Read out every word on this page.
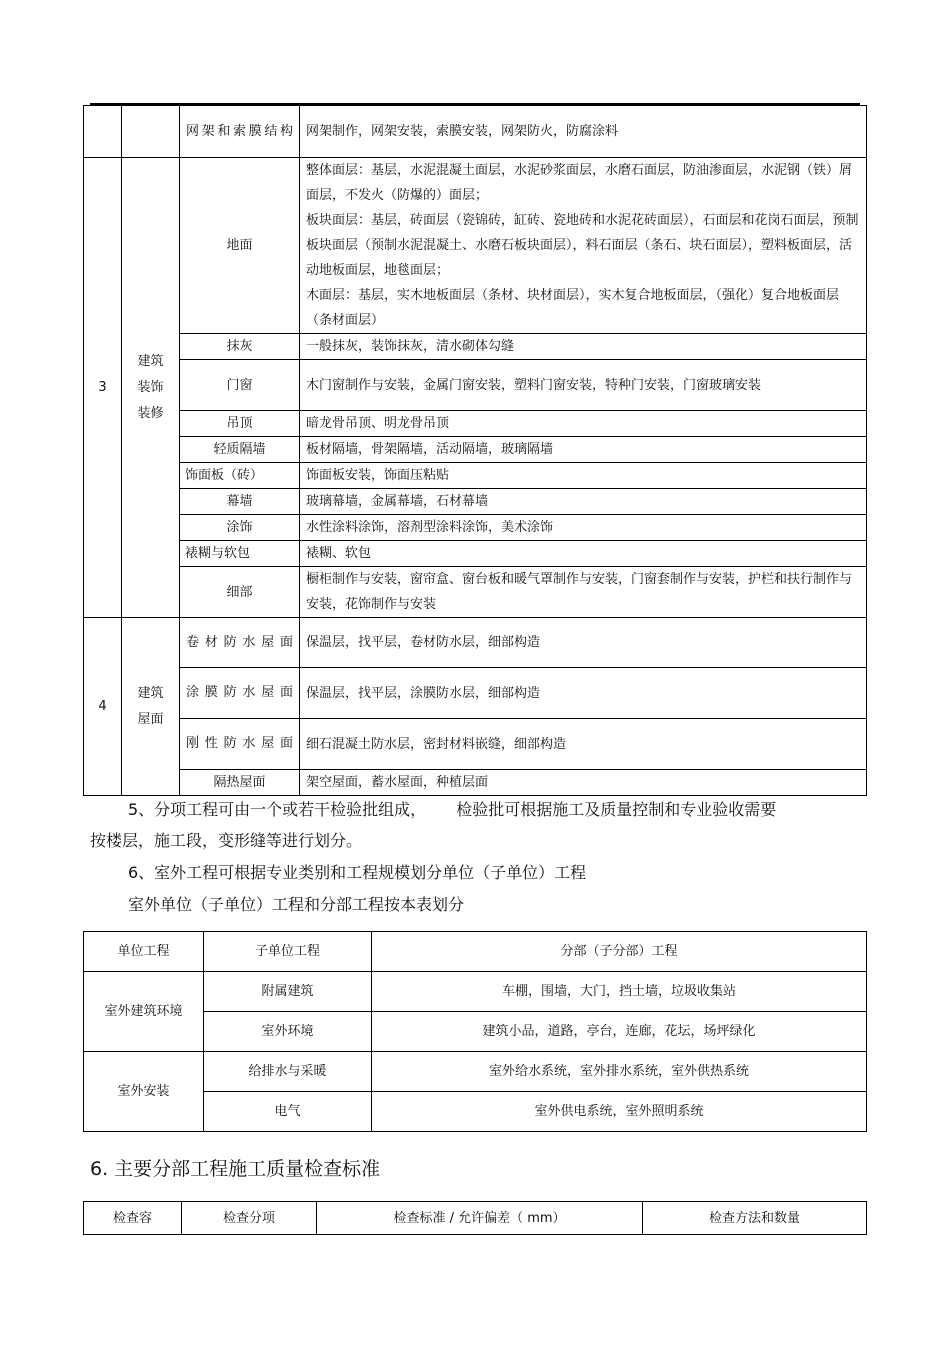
		网架和索膜结构	网架制作，网架安装，索膜安装，网架防火，防腐涂料
3	建筑装饰装修	地面	整体面层：基层，水泥混凝土面层，水泥砂浆面层，水磨石面层，防油渗面层，水泥钢（铁）屑面层，不发火（防爆的）面层；
板块面层：基层，砖面层（瓷锦砖，缸砖、瓷地砖和水泥花砖面层），石面层和花岗石面层，预制板块面层（预制水泥混凝土、水磨石板块面层），料石面层（条石、块石面层），塑料板面层，活动地板面层，地毯面层；
木面层：基层，实木地板面层（条材、块材面层），实木复合地板面层，（强化）复合地板面层（条材面层）

		抹灰	一般抹灰，装饰抹灰，清水砌体勾缝
		门窗	木门窗制作与安装，金属门窗安装，塑料门窗安装，特种门安装，门窗玻璃安装
		吊顶	暗龙骨吊顶、明龙骨吊顶
		轻质隔墙	板材隔墙，骨架隔墙，活动隔墙，玻璃隔墙
		饰面板（砖）	饰面板安装，饰面压粘贴
		幕墙	玻璃幕墙，金属幕墙，石材幕墙
		涂饰	水性涂料涂饰，溶剂型涂料涂饰，美术涂饰
		裱糊与软包	裱糊、软包
		细部	橱柜制作与安装，窗帘盒、窗台板和暖气罩制作与安装，门窗套制作与安装，护栏和扶行制作与安装，花饰制作与安装
4	建筑屋面	卷材防水屋面	保温层，找平层，卷材防水层，细部构造
		涂膜防水屋面	保温层，找平层，涂膜防水层，细部构造
		刚性防水屋面	细石混凝土防水层，密封材料嵌缝，细部构造
		隔热屋面	架空屋面，蓄水屋面，种植层面
5、分项工程可由一个或若干检验批组成， 检验批可根据施工及质量控制和专业验收需要
按楼层，施工段，变形缝等进行划分。
6、室外工程可根据专业类别和工程规模划分单位（子单位）工程
室外单位（子单位）工程和分部工程按本表划分
单位工程	子单位工程	分部（子分部）工程
室外建筑环境	附属建筑	车棚，围墙，大门，挡土墙，垃圾收集站
	室外环境	建筑小品，道路，亭台，连廊，花坛，场坪绿化
室外安装	给排水与采暖	室外给水系统，室外排水系统，室外供热系统
	电气	室外供电系统，室外照明系统
6. 主要分部工程施工质量检查标准
检查容	检查分项	检查标准 / 允许偏差（ mm）	检查方法和数量
